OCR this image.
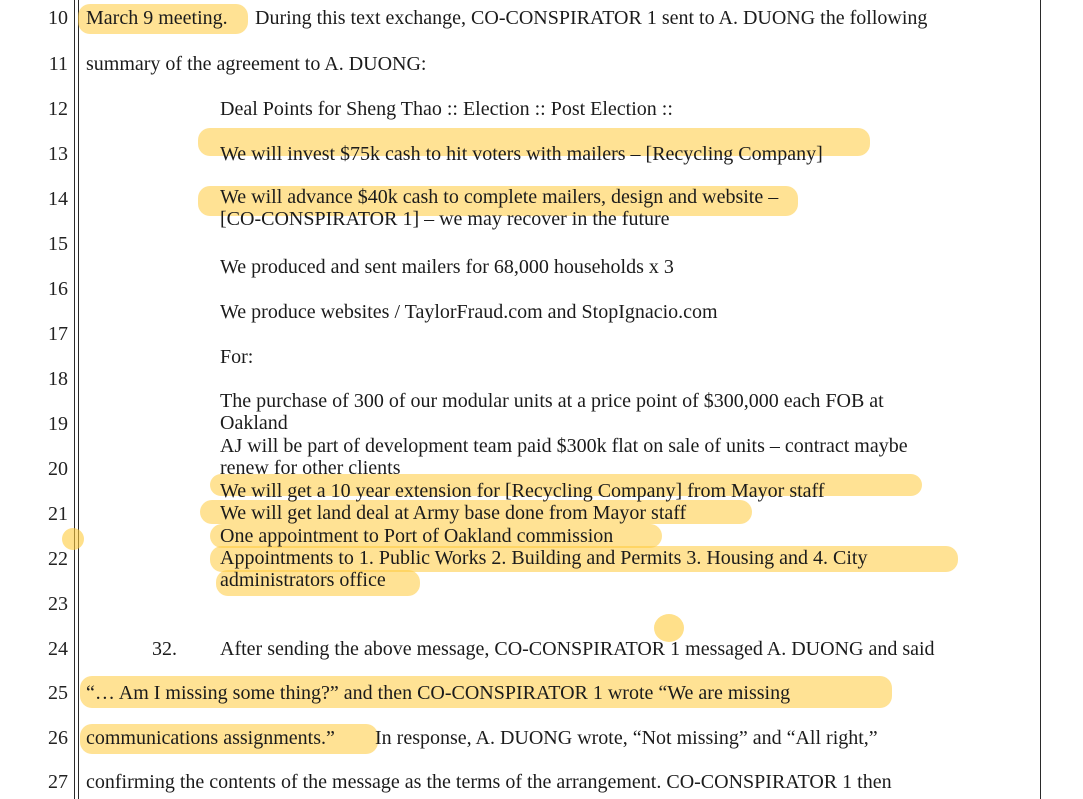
10
11
12
13
14
15
16
17
18
19
20
21
22
23
24
25
26
27
March 9 meeting. During this text exchange, CO-CONSPIRATOR 1 sent to A. DUONG the following
summary of the agreement to A. DUONG:
Deal Points for Sheng Thao :: Election :: Post Election ::
We will invest $75k cash to hit voters with mailers – [Recycling Company]
We will advance $40k cash to complete mailers, design and website –
[CO-CONSPIRATOR 1] – we may recover in the future
We produced and sent mailers for 68,000 households x 3
We produce websites / TaylorFraud.com and StopIgnacio.com
For:
The purchase of 300 of our modular units at a price point of $300,000 each FOB at
Oakland
AJ will be part of development team paid $300k flat on sale of units – contract maybe
renew for other clients
We will get a 10 year extension for [Recycling Company] from Mayor staff
We will get land deal at Army base done from Mayor staff
One appointment to Port of Oakland commission
Appointments to 1. Public Works 2. Building and Permits 3. Housing and 4. City
administrators office
32. After sending the above message, CO-CONSPIRATOR 1 messaged A. DUONG and said
“… Am I missing some thing?” and then CO-CONSPIRATOR 1 wrote “We are missing
communications assignments.” In response, A. DUONG wrote, “Not missing” and “All right,”
confirming the contents of the message as the terms of the arrangement. CO-CONSPIRATOR 1 then
